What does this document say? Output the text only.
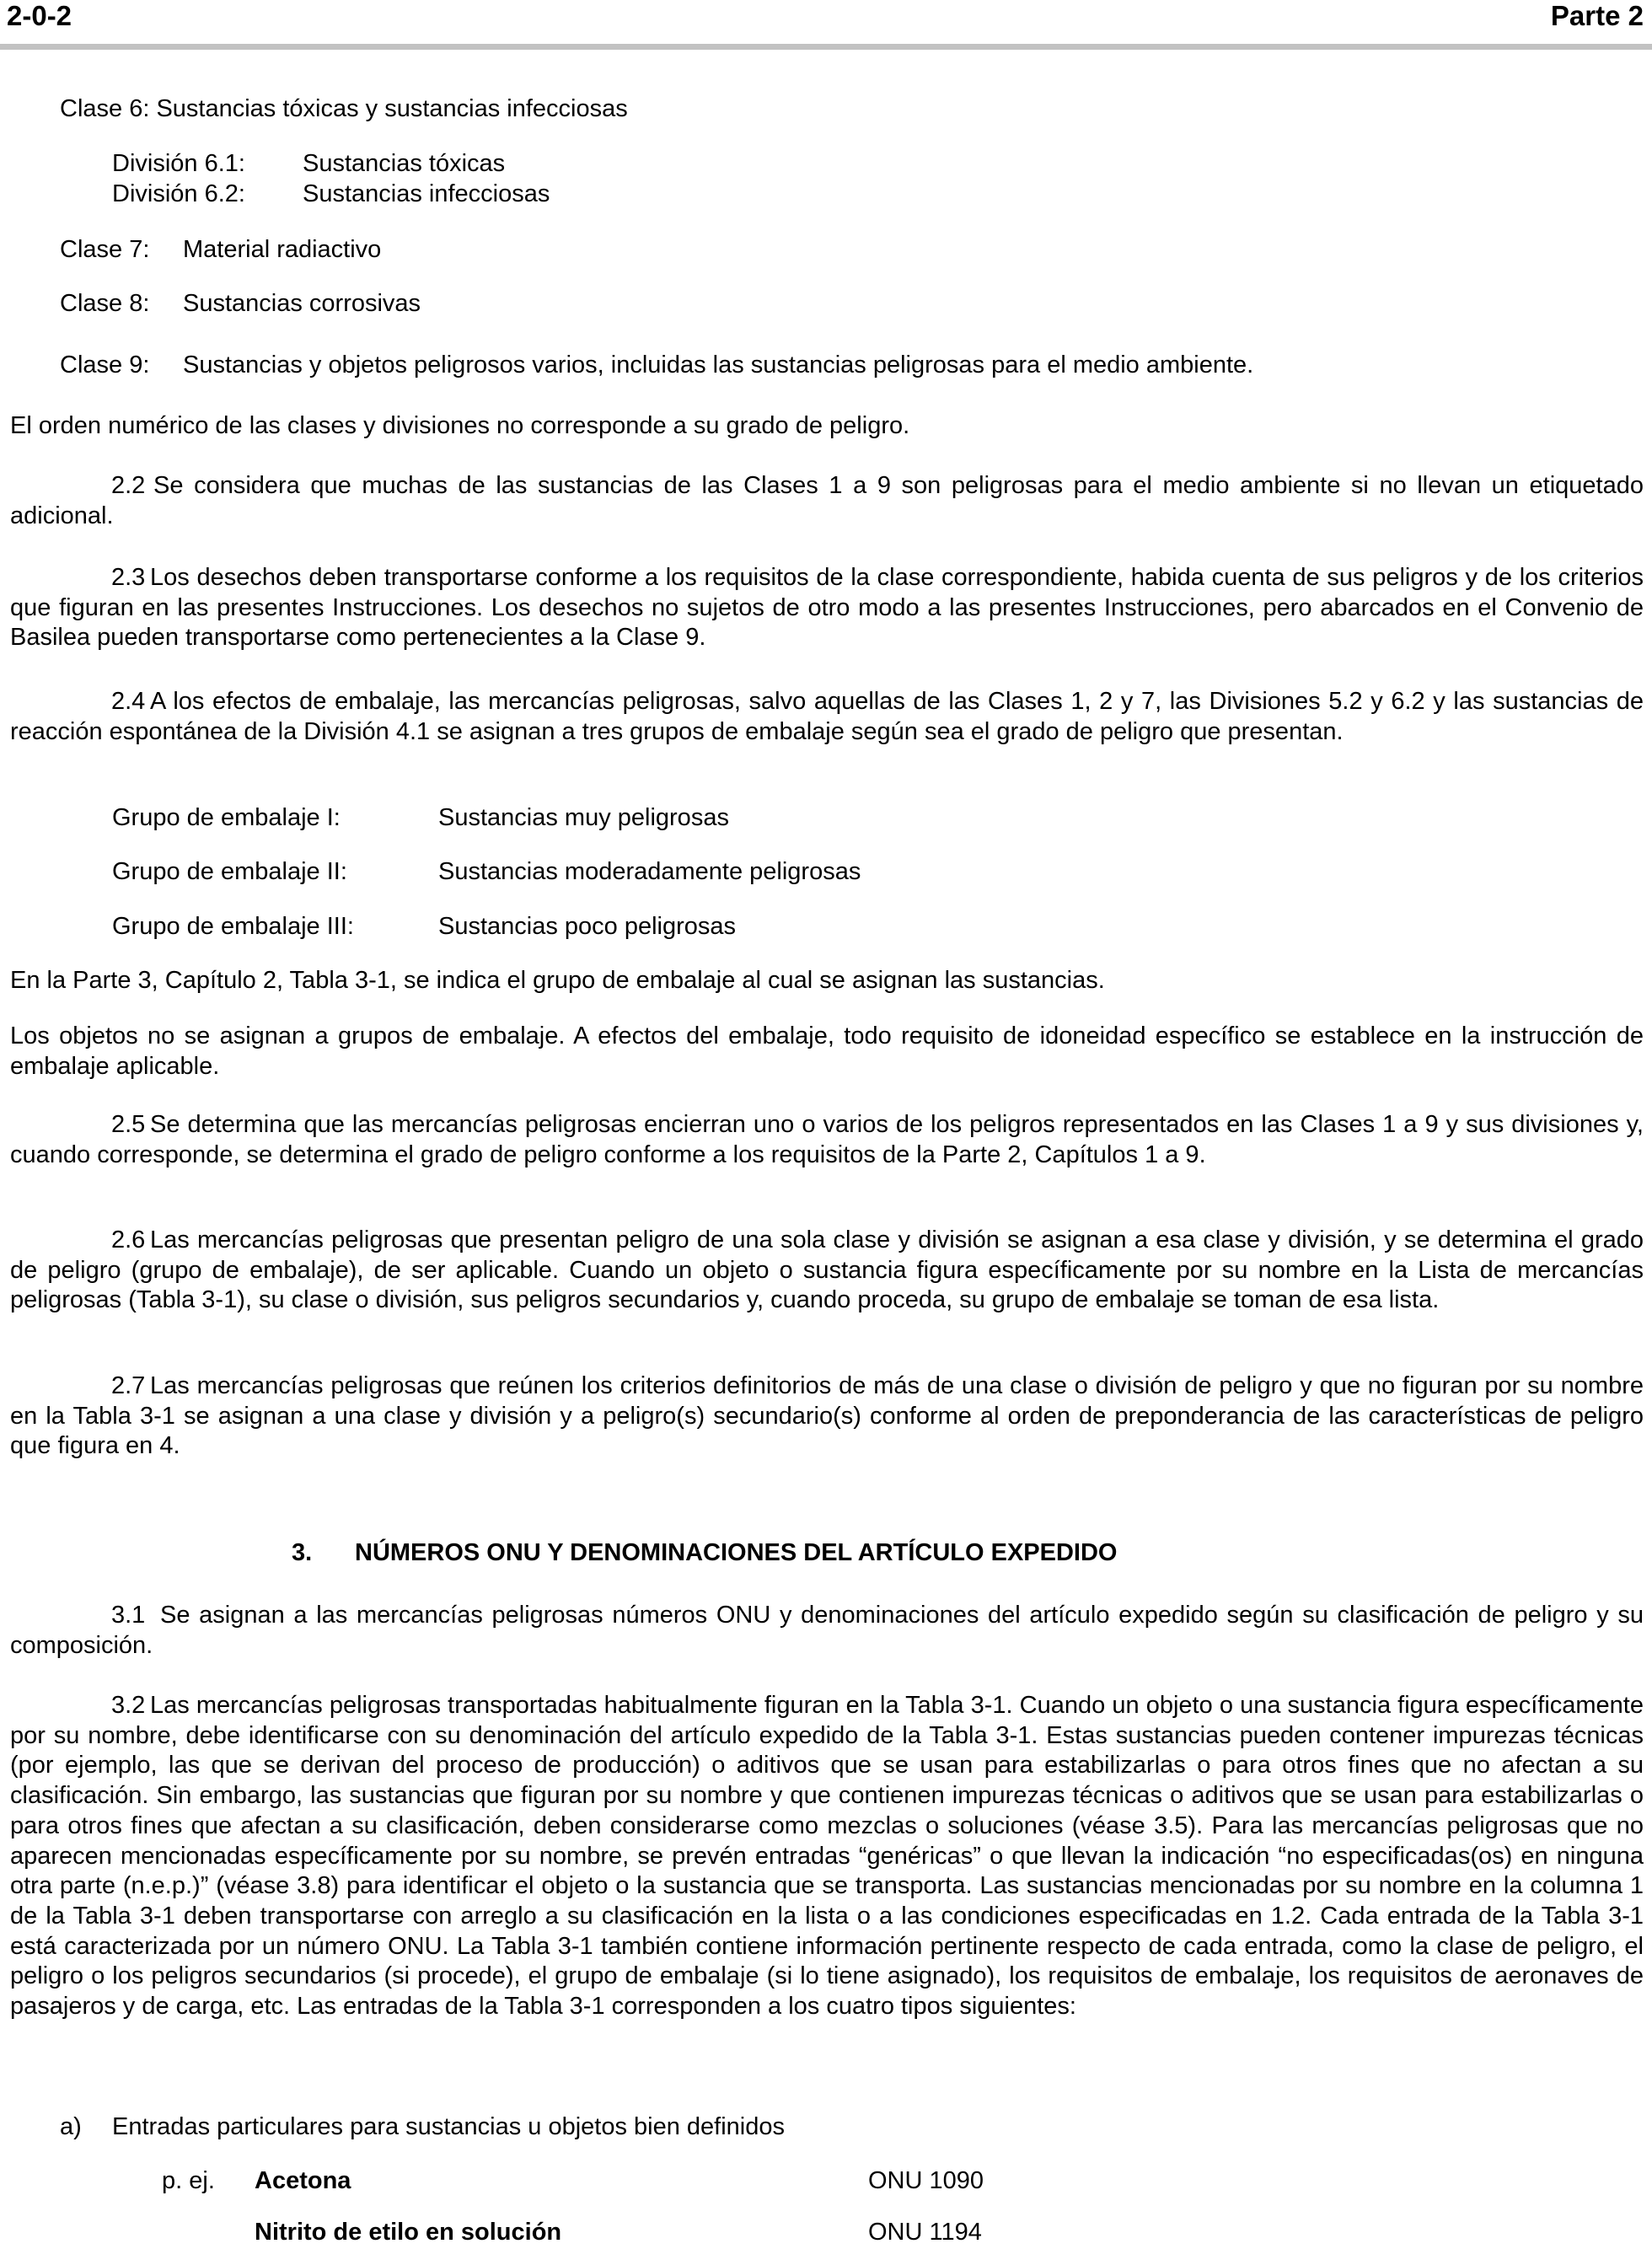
2-0-2	Parte 2
Clase 6: Sustancias tóxicas y sustancias infecciosas
División 6.1: Sustancias tóxicas
División 6.2: Sustancias infecciosas
Clase 7: Material radiactivo
Clase 8: Sustancias corrosivas
Clase 9: Sustancias y objetos peligrosos varios, incluidas las sustancias peligrosas para el medio ambiente.
El orden numérico de las clases y divisiones no corresponde a su grado de peligro.
2.2 Se considera que muchas de las sustancias de las Clases 1 a 9 son peligrosas para el medio ambiente si no llevan un etiquetado adicional.
2.3 Los desechos deben transportarse conforme a los requisitos de la clase correspondiente, habida cuenta de sus peligros y de los criterios que figuran en las presentes Instrucciones. Los desechos no sujetos de otro modo a las presentes Instrucciones, pero abarcados en el Convenio de Basilea pueden transportarse como pertenecientes a la Clase 9.
2.4 A los efectos de embalaje, las mercancías peligrosas, salvo aquellas de las Clases 1, 2 y 7, las Divisiones 5.2 y 6.2 y las sustancias de reacción espontánea de la División 4.1 se asignan a tres grupos de embalaje según sea el grado de peligro que presentan.
Grupo de embalaje I:	Sustancias muy peligrosas
Grupo de embalaje II:	Sustancias moderadamente peligrosas
Grupo de embalaje III:	Sustancias poco peligrosas
En la Parte 3, Capítulo 2, Tabla 3-1, se indica el grupo de embalaje al cual se asignan las sustancias.
Los objetos no se asignan a grupos de embalaje. A efectos del embalaje, todo requisito de idoneidad específico se establece en la instrucción de embalaje aplicable.
2.5 Se determina que las mercancías peligrosas encierran uno o varios de los peligros representados en las Clases 1 a 9 y sus divisiones y, cuando corresponde, se determina el grado de peligro conforme a los requisitos de la Parte 2, Capítulos 1 a 9.
2.6 Las mercancías peligrosas que presentan peligro de una sola clase y división se asignan a esa clase y división, y se determina el grado de peligro (grupo de embalaje), de ser aplicable. Cuando un objeto o sustancia figura específicamente por su nombre en la Lista de mercancías peligrosas (Tabla 3-1), su clase o división, sus peligros secundarios y, cuando proceda, su grupo de embalaje se toman de esa lista.
2.7 Las mercancías peligrosas que reúnen los criterios definitorios de más de una clase o división de peligro y que no figuran por su nombre en la Tabla 3-1 se asignan a una clase y división y a peligro(s) secundario(s) conforme al orden de preponderancia de las características de peligro que figura en 4.
3. NÚMEROS ONU Y DENOMINACIONES DEL ARTÍCULO EXPEDIDO
3.1 Se asignan a las mercancías peligrosas números ONU y denominaciones del artículo expedido según su clasificación de peligro y su composición.
3.2 Las mercancías peligrosas transportadas habitualmente figuran en la Tabla 3-1. Cuando un objeto o una sustancia figura específicamente por su nombre, debe identificarse con su denominación del artículo expedido de la Tabla 3-1. Estas sustancias pueden contener impurezas técnicas (por ejemplo, las que se derivan del proceso de producción) o aditivos que se usan para estabilizarlas o para otros fines que no afectan a su clasificación. Sin embargo, las sustancias que figuran por su nombre y que contienen impurezas técnicas o aditivos que se usan para estabilizarlas o para otros fines que afectan a su clasificación, deben considerarse como mezclas o soluciones (véase 3.5). Para las mercancías peligrosas que no aparecen mencionadas específicamente por su nombre, se prevén entradas “genéricas” o que llevan la indicación “no especificadas(os) en ninguna otra parte (n.e.p.)” (véase 3.8) para identificar el objeto o la sustancia que se transporta. Las sustancias mencionadas por su nombre en la columna 1 de la Tabla 3-1 deben transportarse con arreglo a su clasificación en la lista o a las condiciones especificadas en 1.2. Cada entrada de la Tabla 3-1 está caracterizada por un número ONU. La Tabla 3-1 también contiene información pertinente respecto de cada entrada, como la clase de peligro, el peligro o los peligros secundarios (si procede), el grupo de embalaje (si lo tiene asignado), los requisitos de embalaje, los requisitos de aeronaves de pasajeros y de carga, etc. Las entradas de la Tabla 3-1 corresponden a los cuatro tipos siguientes:
a) Entradas particulares para sustancias u objetos bien definidos
p. ej. Acetona	ONU 1090
Nitrito de etilo en solución	ONU 1194
